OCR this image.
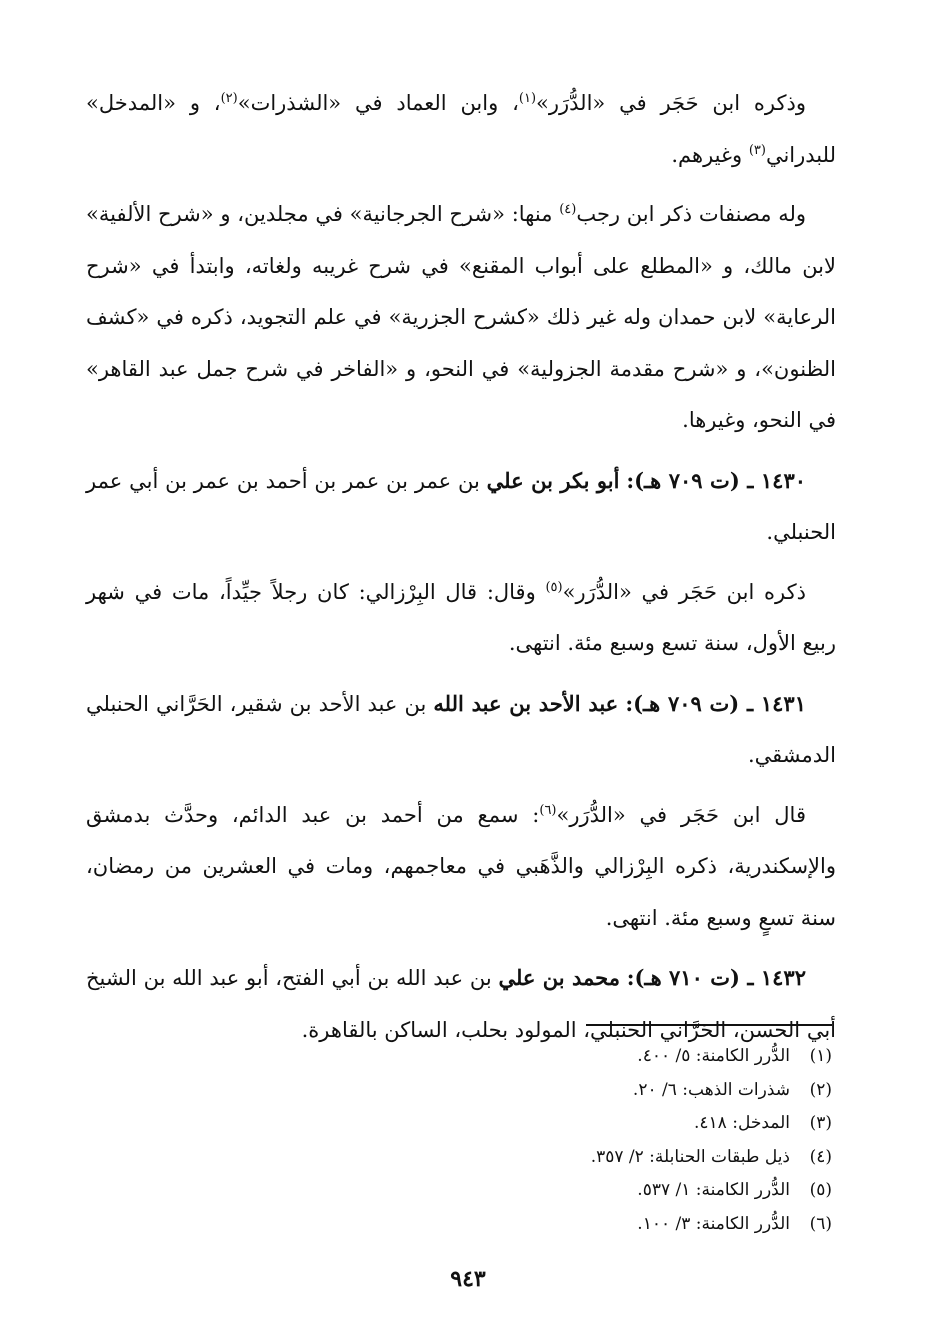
وذكره ابن حَجَر في «الدُّرَر»$^{(١)}$، وابن العماد في «الشذرات»$^{(٢)}$، و «المدخل» للبدراني$^{(٣)}$ وغيرهم.

وله مصنفات ذكر ابن رجب$^{(٤)}$ منها: «شرح الجرجانية» في مجلدين، و «شرح الألفية» لابن مالك، و «المطلع على أبواب المقنع» في شرح غريبه ولغاته، وابتدأ في «شرح الرعاية» لابن حمدان وله غير ذلك «كشرح الجزرية» في علم التجويد، ذكره في «كشف الظنون»، و «شرح مقدمة الجزولية» في النحو، و «الفاخر في شرح جمل عبد القاهر» في النحو، وغيرها.

١٤٣٠ ـ (ت ٧٠٩ هـ): أبو بكر بن علي بن عمر بن عمر بن أحمد بن عمر بن أبي عمر الحنبلي.

ذكره ابن حَجَر في «الدُّرَر»$^{(٥)}$ وقال: قال البِرْزالي: كان رجلاً جيِّداً، مات في شهر ربيع الأول، سنة تسع وسبع مئة. انتهى.

١٤٣١ ـ (ت ٧٠٩ هـ): عبد الأحد بن عبد الله بن عبد الأحد بن شقير، الحَرَّاني الحنبلي الدمشقي.

قال ابن حَجَر في «الدُّرَر»$^{(٦)}$: سمع من أحمد بن عبد الدائم، وحدَّث بدمشق والإسكندرية، ذكره البِرْزالي والذَّهَبي في معاجمهم، ومات في العشرين من رمضان، سنة تسعٍ وسبع مئة. انتهى.

١٤٣٢ ـ (ت ٧١٠ هـ): محمد بن علي بن عبد الله بن أبي الفتح، أبو عبد الله بن الشيخ أبي الحسن، الحَرَّاني الحنبلي، المولود بحلب، الساكن بالقاهرة.

(١)
الدُّرر الكامنة: ٥/ ٤٠٠.
(٢)
شذرات الذهب: ٦/ ٢٠.
(٣)
المدخل: ٤١٨.
(٤)
ذيل طبقات الحنابلة: ٢/ ٣٥٧.
(٥)
الدُّرر الكامنة: ١/ ٥٣٧.
(٦)
الدُّرر الكامنة: ٣/ ١٠٠.
٩٤٣
